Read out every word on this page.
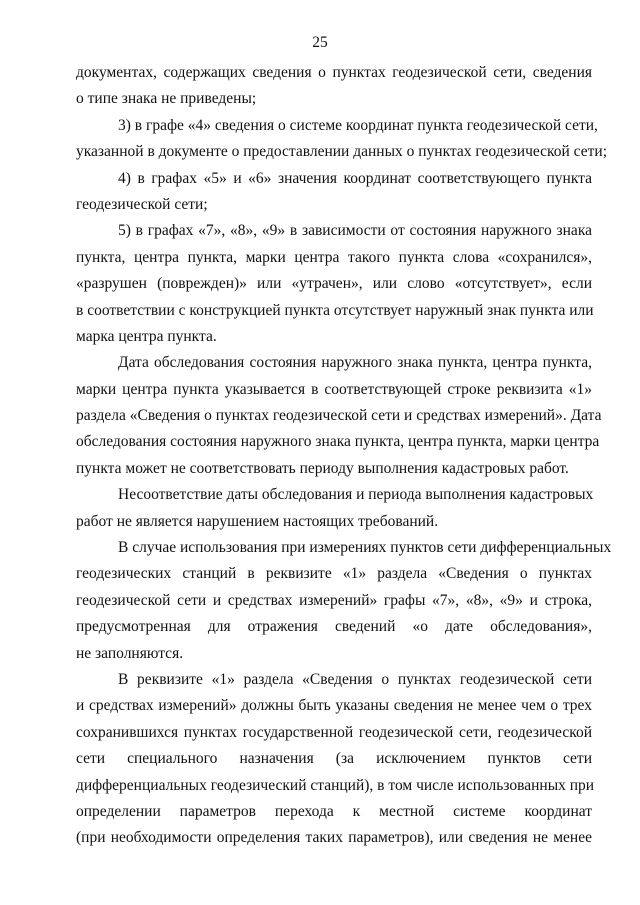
25
документах, содержащих сведения о пунктах геодезической сети, сведения
о типе знака не приведены;
3) в графе «4» сведения о системе координат пункта геодезической сети,
указанной в документе о предоставлении данных о пунктах геодезической сети;
4) в графах «5» и «6» значения координат соответствующего пункта
геодезической сети;
5) в графах «7», «8», «9» в зависимости от состояния наружного знака
пункта, центра пункта, марки центра такого пункта слова «сохранился»,
«разрушен (поврежден)» или «утрачен», или слово «отсутствует», если
в соответствии с конструкцией пункта отсутствует наружный знак пункта или
марка центра пункта.
Дата обследования состояния наружного знака пункта, центра пункта,
марки центра пункта указывается в соответствующей строке реквизита «1»
раздела «Сведения о пунктах геодезической сети и средствах измерений». Дата
обследования состояния наружного знака пункта, центра пункта, марки центра
пункта может не соответствовать периоду выполнения кадастровых работ.
Несоответствие даты обследования и периода выполнения кадастровых
работ не является нарушением настоящих требований.
В случае использования при измерениях пунктов сети дифференциальных
геодезических станций в реквизите «1» раздела «Сведения о пунктах
геодезической сети и средствах измерений» графы «7», «8», «9» и строка,
предусмотренная для отражения сведений «о дате обследования»,
не заполняются.
В реквизите «1» раздела «Сведения о пунктах геодезической сети
и средствах измерений» должны быть указаны сведения не менее чем о трех
сохранившихся пунктах государственной геодезической сети, геодезической
сети специального назначения (за исключением пунктов сети
дифференциальных геодезический станций), в том числе использованных при
определении параметров перехода к местной системе координат
(при необходимости определения таких параметров), или сведения не менее
